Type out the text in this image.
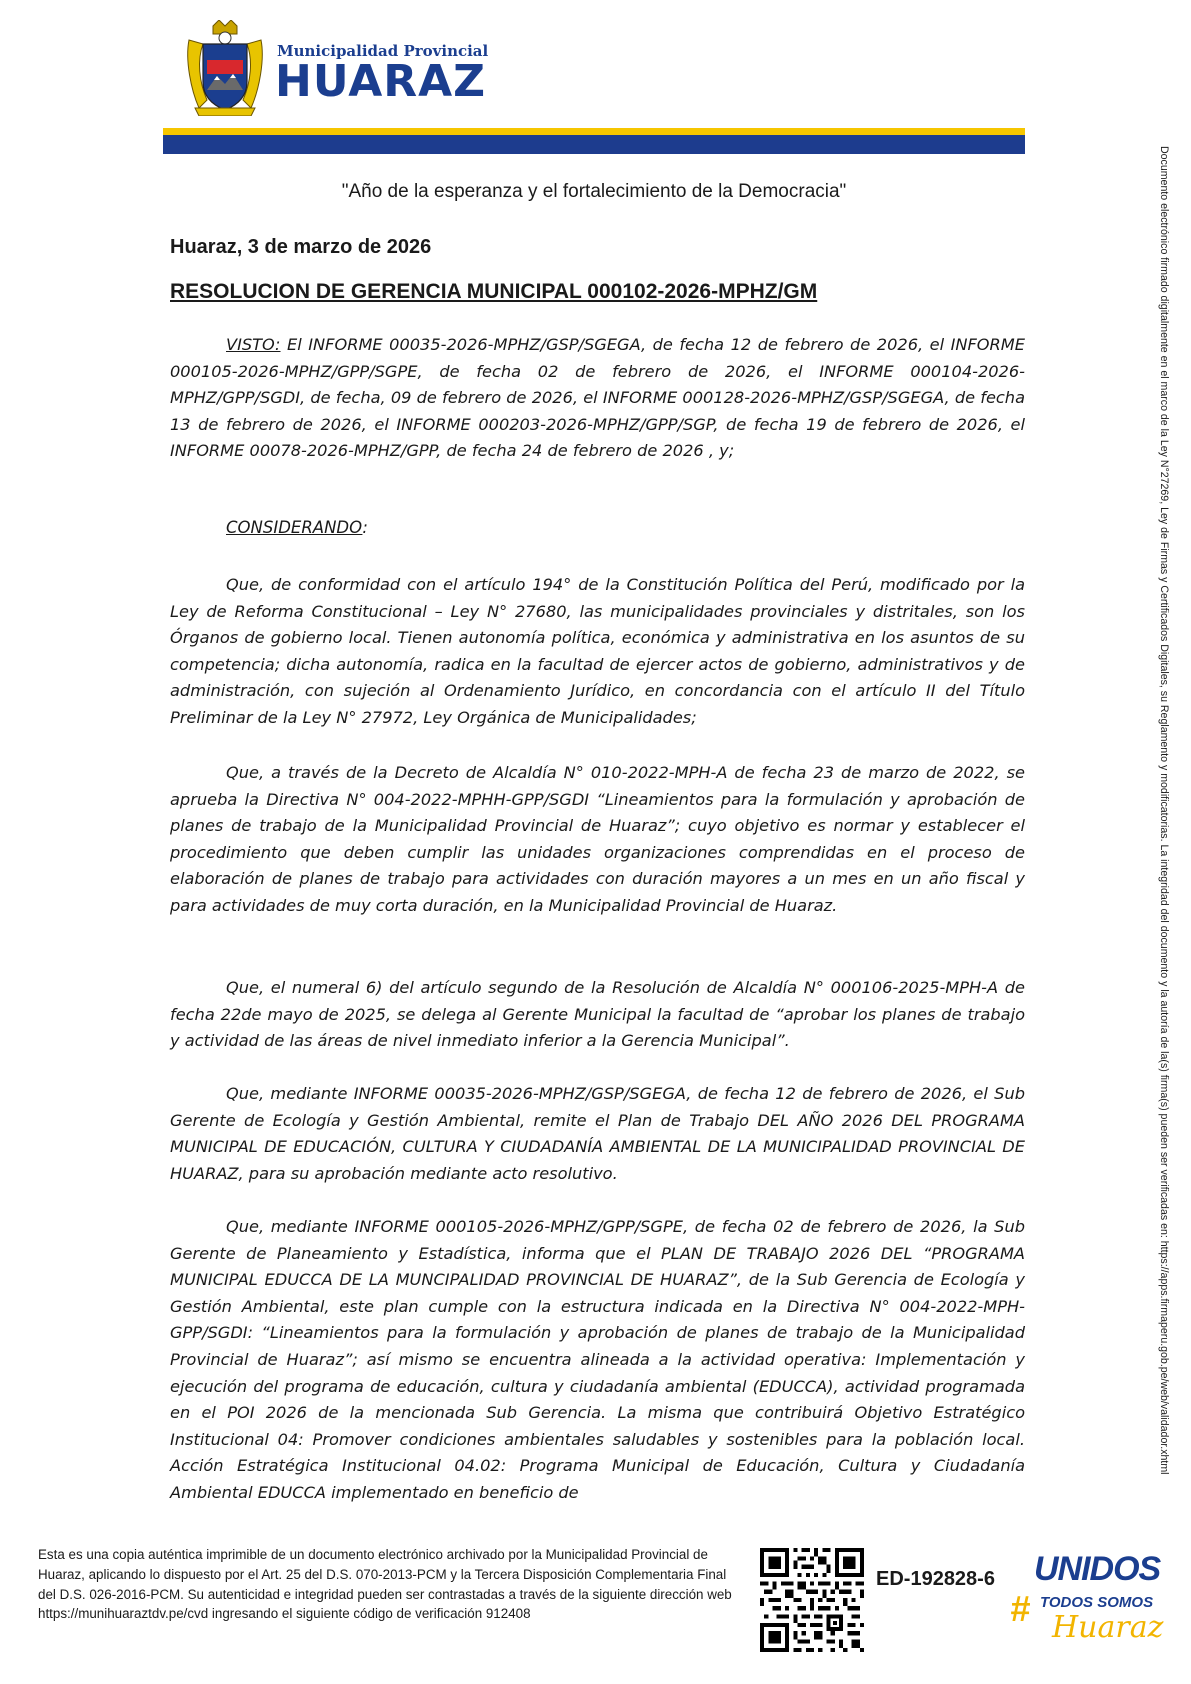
Municipalidad Provincial
HUARAZ
"Año de la esperanza y el fortalecimiento de la Democracia"
Huaraz, 3 de marzo de 2026
RESOLUCION DE GERENCIA MUNICIPAL 000102-2026-MPHZ/GM

VISTO: El INFORME 00035-2026-MPHZ/GSP/SGEGA, de fecha 12 de febrero de 2026, el INFORME 000105-2026-MPHZ/GPP/SGPE, de fecha 02 de febrero de 2026, el INFORME 000104-2026-MPHZ/GPP/SGDI, de fecha, 09 de febrero de 2026, el INFORME 000128-2026-MPHZ/GSP/SGEGA, de fecha 13 de febrero de 2026, el INFORME 000203-2026-MPHZ/GPP/SGP, de fecha 19 de febrero de 2026, el INFORME 00078-2026-MPHZ/GPP, de fecha 24 de febrero de 2026 , y;

CONSIDERANDO:

Que, de conformidad con el artículo 194° de la Constitución Política del Perú, modificado por la Ley de Reforma Constitucional – Ley N° 27680, las municipalidades provinciales y distritales, son los Órganos de gobierno local. Tienen autonomía política, económica y administrativa en los asuntos de su competencia; dicha autonomía, radica en la facultad de ejercer actos de gobierno, administrativos y de administración, con sujeción al Ordenamiento Jurídico, en concordancia con el artículo II del Título Preliminar de la Ley N° 27972, Ley Orgánica de Municipalidades;

Que, a través de la Decreto de Alcaldía N° 010-2022-MPH-A de fecha 23 de marzo de 2022, se aprueba la Directiva N° 004-2022-MPHH-GPP/SGDI “Lineamientos para la formulación y aprobación de planes de trabajo de la Municipalidad Provincial de Huaraz”; cuyo objetivo es normar y establecer el procedimiento que deben cumplir las unidades organizaciones comprendidas en el proceso de elaboración de planes de trabajo para actividades con duración mayores a un mes en un año fiscal y para actividades de muy corta duración, en la Municipalidad Provincial de Huaraz.

Que, el numeral 6) del artículo segundo de la Resolución de Alcaldía N° 000106-2025-MPH-A de fecha 22de mayo de 2025, se delega al Gerente Municipal la facultad de “aprobar los planes de trabajo y actividad de las áreas de nivel inmediato inferior a la Gerencia Municipal”.

Que, mediante INFORME 00035-2026-MPHZ/GSP/SGEGA, de fecha 12 de febrero de 2026, el Sub Gerente de Ecología y Gestión Ambiental, remite el Plan de Trabajo DEL AÑO 2026 DEL PROGRAMA MUNICIPAL DE EDUCACIÓN, CULTURA Y CIUDADANÍA AMBIENTAL DE LA MUNICIPALIDAD PROVINCIAL DE HUARAZ, para su aprobación mediante acto resolutivo.

Que, mediante INFORME 000105-2026-MPHZ/GPP/SGPE, de fecha 02 de febrero de 2026, la Sub Gerente de Planeamiento y Estadística, informa que el PLAN DE TRABAJO 2026 DEL “PROGRAMA MUNICIPAL EDUCCA DE LA MUNCIPALIDAD PROVINCIAL DE HUARAZ”, de la Sub Gerencia de Ecología y Gestión Ambiental, este plan cumple con la estructura indicada en la Directiva N° 004-2022-MPH-GPP/SGDI: “Lineamientos para la formulación y aprobación de planes de trabajo de la Municipalidad Provincial de Huaraz”; así mismo se encuentra alineada a la actividad operativa: Implementación y ejecución del programa de educación, cultura y ciudadanía ambiental (EDUCCA), actividad programada en el POI 2026 de la mencionada Sub Gerencia. La misma que contribuirá Objetivo Estratégico Institucional 04: Promover condiciones ambientales saludables y sostenibles para la población local. Acción Estratégica Institucional 04.02: Programa Municipal de Educación, Cultura y Ciudadanía Ambiental EDUCCA implementado en beneficio de

Documento electrónico firmado digitalmente en el marco de la Ley N°27269, Ley de Firmas y Certificados Digitales, su Reglamento y modificatorias. La integridad del documento y la autoría de la(s) firma(s) pueden ser verificadas en: https://apps.firmaperu.gob.pe/web/validador.xhtml
Esta es una copia auténtica imprimible de un documento electrónico archivado por la Municipalidad Provincial de Huaraz, aplicando lo dispuesto por el Art. 25 del D.S. 070-2013-PCM y la Tercera Disposición Complementaria Final del D.S. 026-2016-PCM. Su autenticidad e integridad pueden ser contrastadas a través de la siguiente dirección web https://munihuaraztdv.pe/cvd ingresando el siguiente código de verificación 912408
ED-192828-6 UNIDOS
# TODOS SOMOS
Huaraz
